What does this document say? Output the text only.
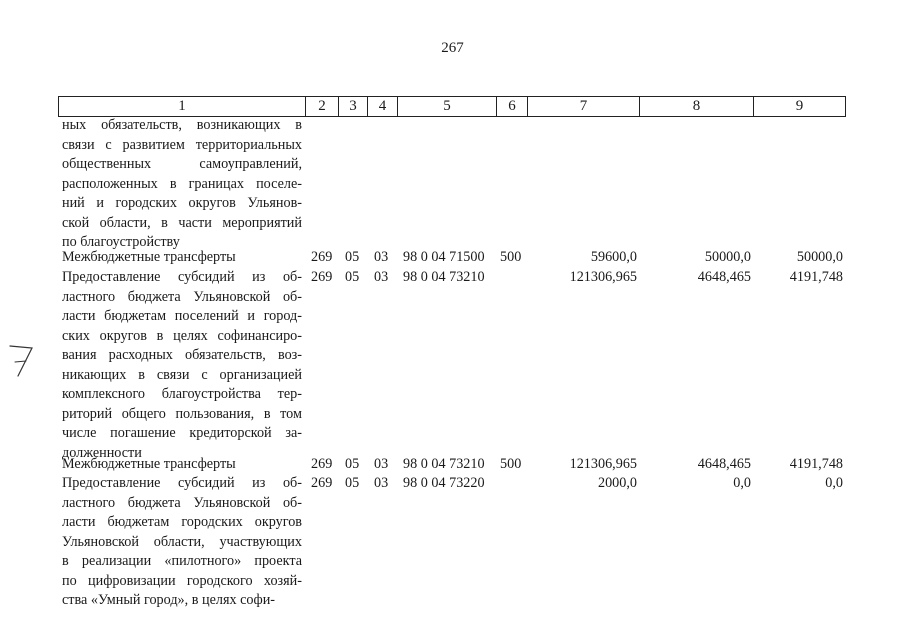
267
1	2	3	4	5	6	7	8	9
ных обязательств, возникающих в
связи с развитием территориальных
общественных самоуправлений,
расположенных в границах поселе-
ний и городских округов Ульянов-
ской области, в части мероприятий
по благоустройству
Межбюджетные трансферты	269 05 03 98 0 04 71500 500	59600,0	50000,0	50000,0
Предоставление субсидий из об-
ластного бюджета Ульяновской об-
ласти бюджетам поселений и город-
ских округов в целях софинансиро-
вания расходных обязательств, воз-
никающих в связи с организацией
комплексного благоустройства тер-
риторий общего пользования, в том
числе погашение кредиторской за-
долженности
269 05 03 98 0 04 73210	121306,965	4648,465	4191,748
Межбюджетные трансферты	269 05 03 98 0 04 73210 500	121306,965	4648,465	4191,748
Предоставление субсидий из об-
ластного бюджета Ульяновской об-
ласти бюджетам городских округов
Ульяновской области, участвующих
в реализации «пилотного» проекта
по цифровизации городского хозяй-
ства «Умный город», в целях софи-
269 05 03 98 0 04 73220	2000,0	0,0	0,0
